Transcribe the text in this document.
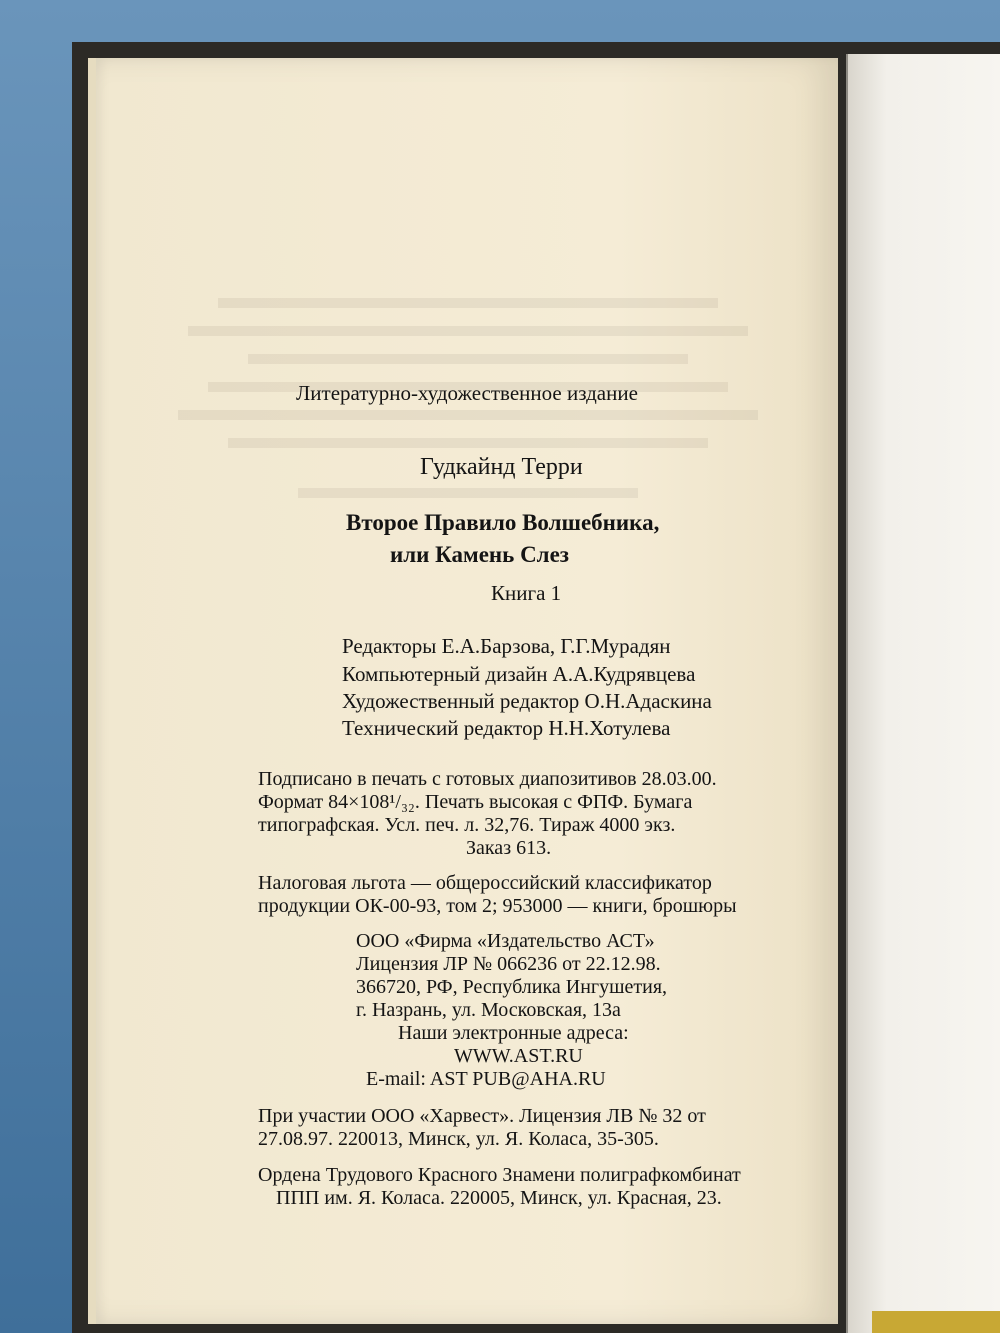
Литературно-художественное издание
Гудкайнд Терри
Второе Правило Волшебника,
или Камень Слез
Книга 1
Редакторы Е.А.Барзова, Г.Г.Мурадян
Компьютерный дизайн А.А.Кудрявцева
Художественный редактор О.Н.Адаскина
Технический редактор Н.Н.Хотулева
Подписано в печать с готовых диапозитивов 28.03.00.
Формат 84×108¹/₃₂. Печать высокая с ФПФ. Бумага
типографская. Усл. печ. л. 32,76. Тираж 4000 экз.
Заказ 613.
Налоговая льгота — общероссийский классификатор
продукции ОК-00-93, том 2; 953000 — книги, брошюры
ООО «Фирма «Издательство АСТ»
Лицензия ЛР № 066236 от 22.12.98.
366720, РФ, Республика Ингушетия,
г. Назрань, ул. Московская, 13а
Наши электронные адреса:
WWW.AST.RU
E-mail: AST PUB@AHA.RU
При участии ООО «Харвест». Лицензия ЛВ № 32 от
27.08.97. 220013, Минск, ул. Я. Коласа, 35-305.
Ордена Трудового Красного Знамени полиграфкомбинат
ППП им. Я. Коласа. 220005, Минск, ул. Красная, 23.
